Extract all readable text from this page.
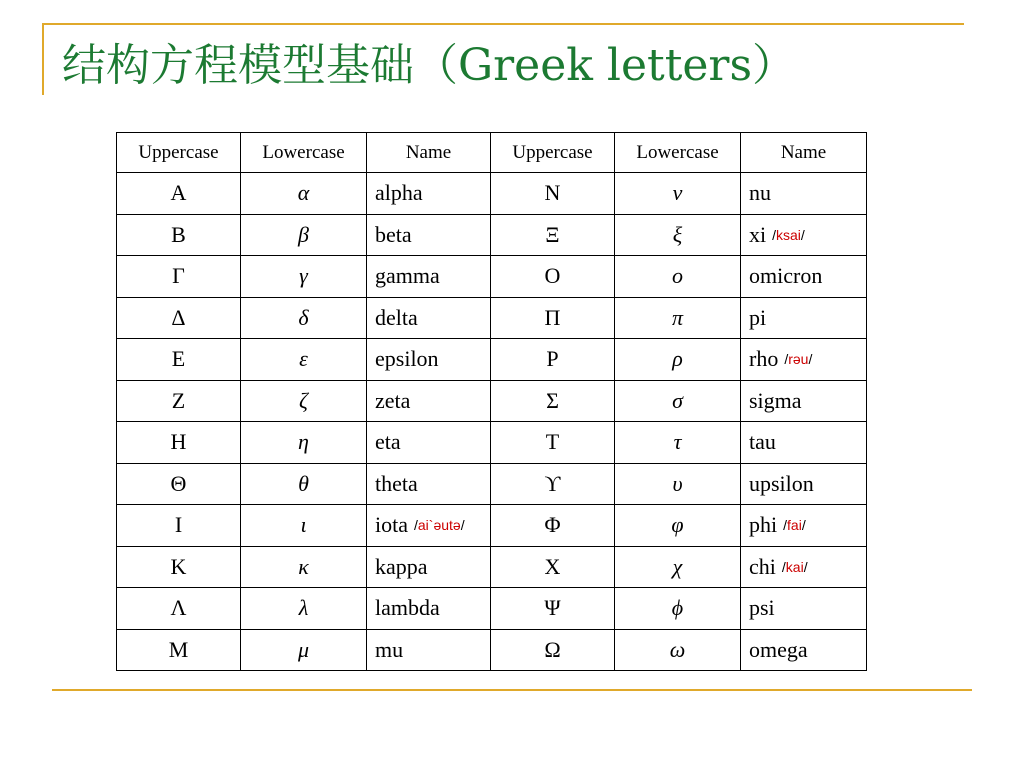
结构方程模型基础（Greek letters）
Uppercase	Lowercase	Name	Uppercase	Lowercase	Name
Α	α	alpha	Ν	ν	nu
Β	β	beta	Ξ	ξ	xi /ksai/
Γ	γ	gamma	Ο	ο	omicron
Δ	δ	delta	Π	π	pi
Ε	ε	epsilon	Ρ	ρ	rho /rəu/
Ζ	ζ	zeta	Σ	σ	sigma
Η	η	eta	Τ	τ	tau
Θ	θ	theta	ϒ	υ	upsilon
Ι	ι	iota /ai`əutə/	Φ	φ	phi /fai/
Κ	κ	kappa	Χ	χ	chi /kai/
Λ	λ	lambda	Ψ	ϕ	psi
Μ	μ	mu	Ω	ω	omega
